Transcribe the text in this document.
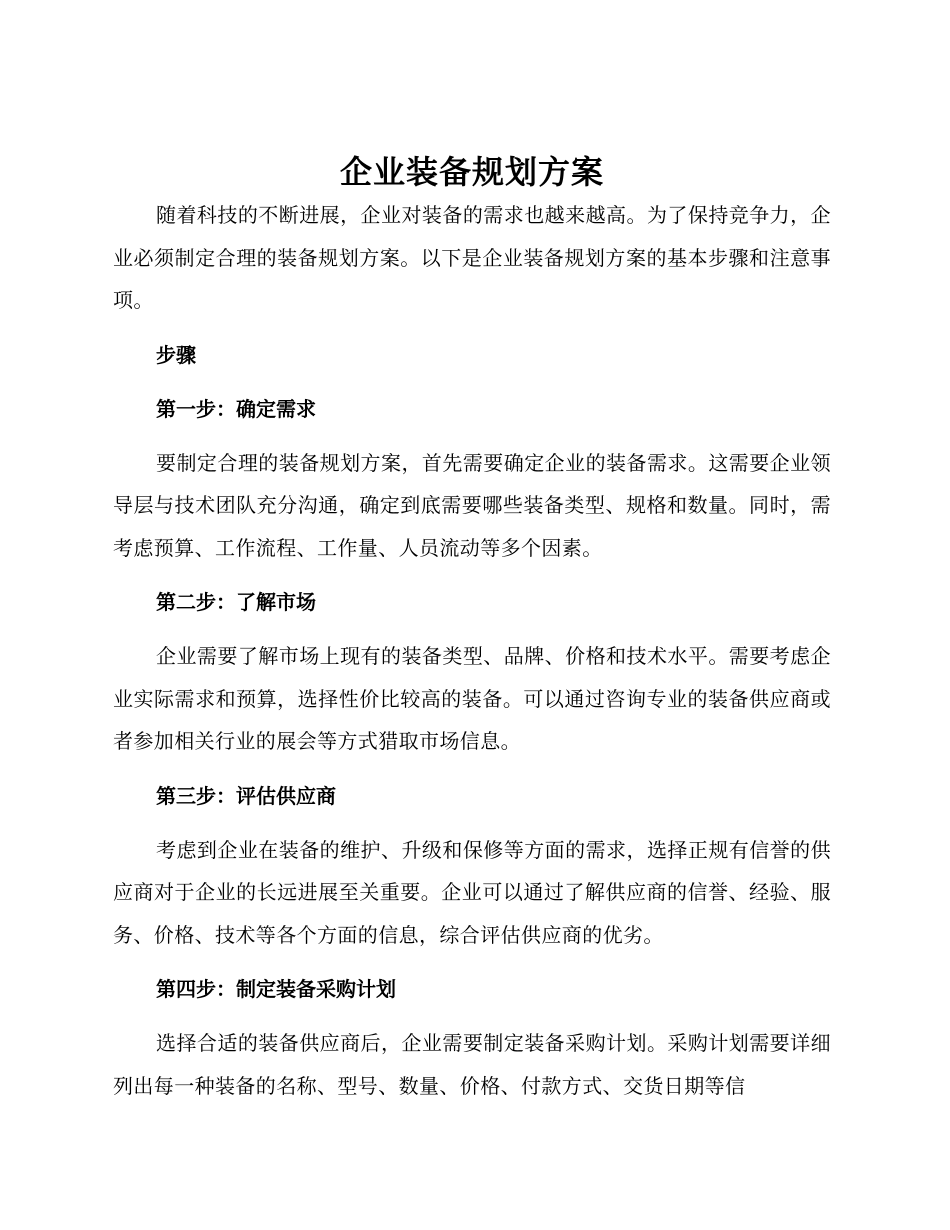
企业装备规划方案

随着科技的不断进展，企业对装备的需求也越来越高。为了保持竞争力，企业必须制定合理的装备规划方案。以下是企业装备规划方案的基本步骤和注意事项。

步骤

第一步：确定需求

要制定合理的装备规划方案，首先需要确定企业的装备需求。这需要企业领导层与技术团队充分沟通，确定到底需要哪些装备类型、规格和数量。同时，需考虑预算、工作流程、工作量、人员流动等多个因素。

第二步：了解市场

企业需要了解市场上现有的装备类型、品牌、价格和技术水平。需要考虑企业实际需求和预算，选择性价比较高的装备。可以通过咨询专业的装备供应商或者参加相关行业的展会等方式猎取市场信息。

第三步：评估供应商

考虑到企业在装备的维护、升级和保修等方面的需求，选择正规有信誉的供应商对于企业的长远进展至关重要。企业可以通过了解供应商的信誉、经验、服务、价格、技术等各个方面的信息，综合评估供应商的优劣。

第四步：制定装备采购计划

选择合适的装备供应商后，企业需要制定装备采购计划。采购计划需要详细列出每一种装备的名称、型号、数量、价格、付款方式、交货日期等信
